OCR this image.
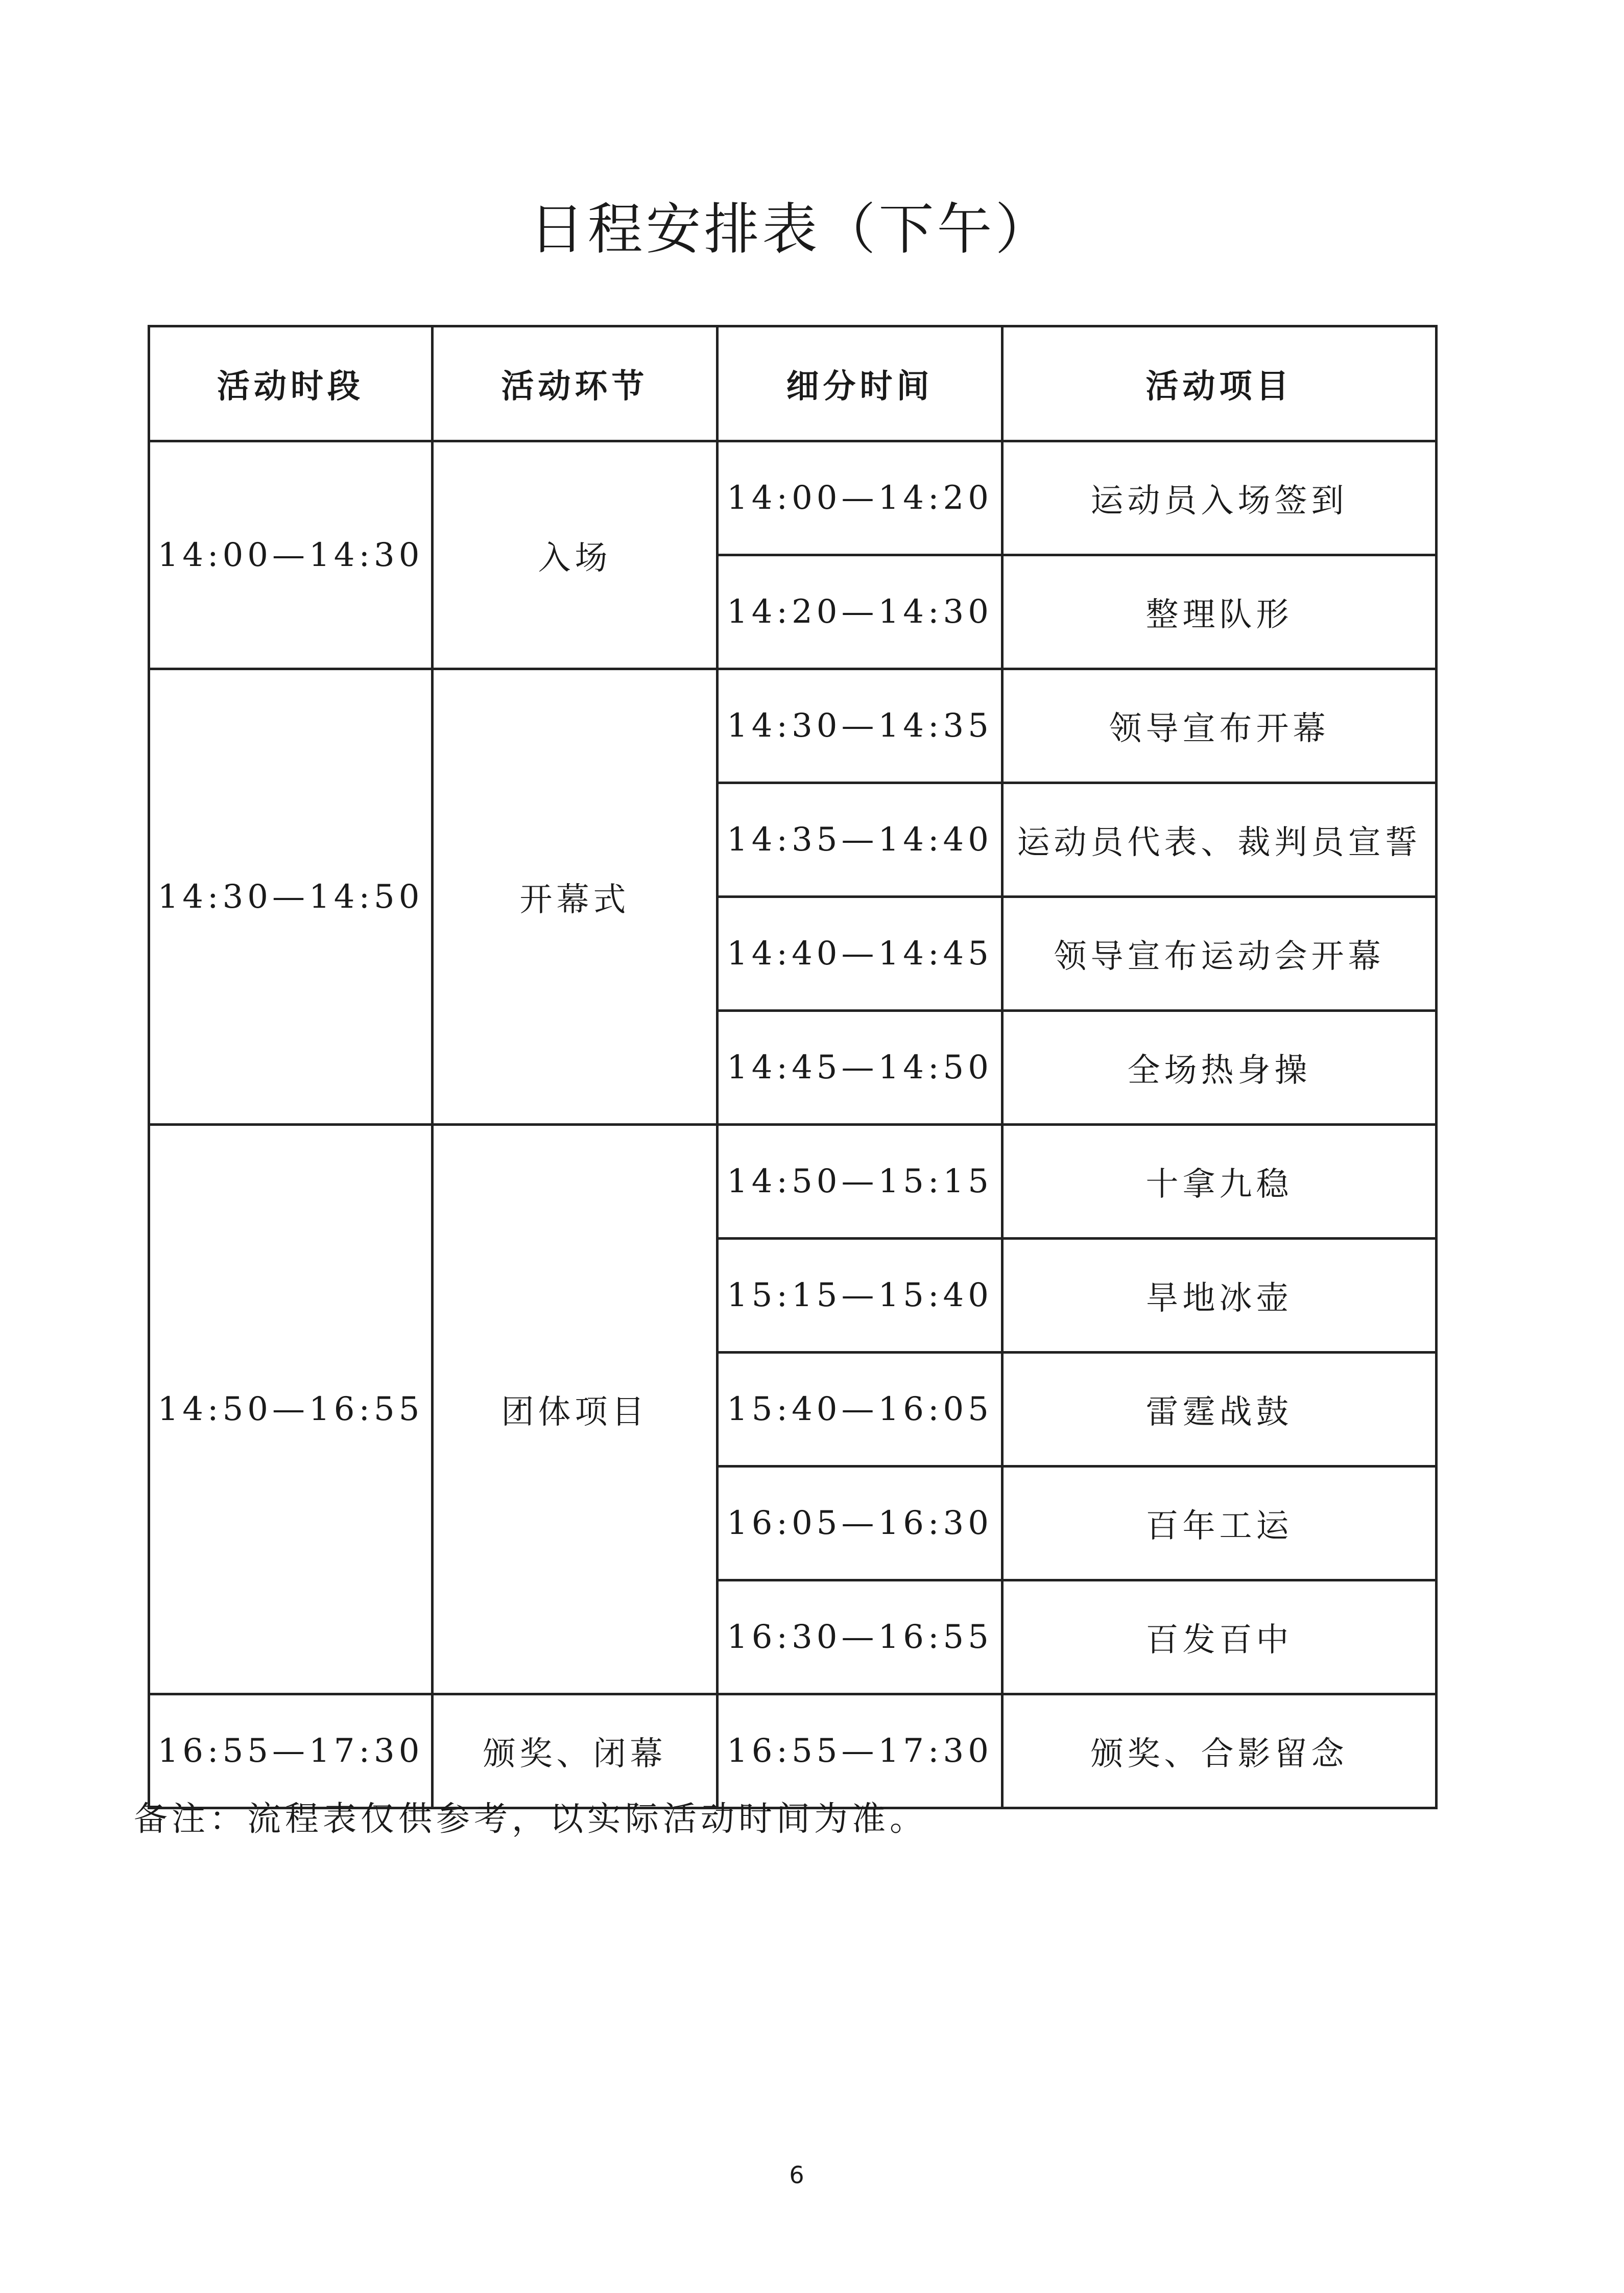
日程安排表（下午）
活动时段	活动环节	细分时间	活动项目
14:00—14:30	入场	14:00—14:20	运动员入场签到
		14:20—14:30	整理队形
14:30—14:50	开幕式	14:30—14:35	领导宣布开幕
		14:35—14:40	运动员代表、裁判员宣誓
		14:40—14:45	领导宣布运动会开幕
		14:45—14:50	全场热身操
14:50—16:55	团体项目	14:50—15:15	十拿九稳
		15:15—15:40	旱地冰壶
		15:40—16:05	雷霆战鼓
		16:05—16:30	百年工运
		16:30—16:55	百发百中
16:55—17:30	颁奖、闭幕	16:55—17:30	颁奖、合影留念
备注：流程表仅供参考，以实际活动时间为准。
6
